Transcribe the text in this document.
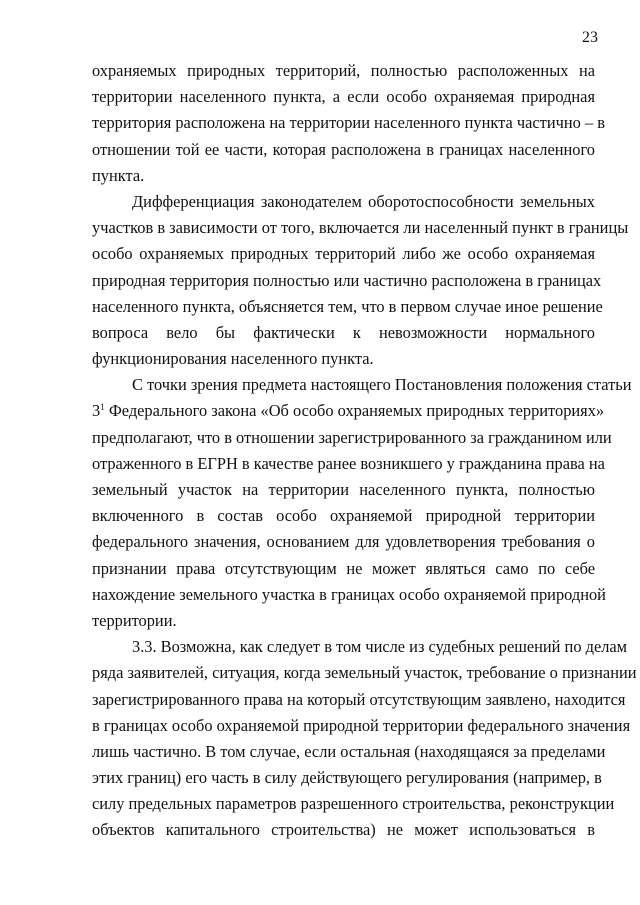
23
охраняемых природных территорий, полностью расположенных на
территории населенного пункта, а если особо охраняемая природная
территория расположена на территории населенного пункта частично – в
отношении той ее части, которая расположена в границах населенного
пункта.
Дифференциация законодателем оборотоспособности земельных
участков в зависимости от того, включается ли населенный пункт в границы
особо охраняемых природных территорий либо же особо охраняемая
природная территория полностью или частично расположена в границах
населенного пункта, объясняется тем, что в первом случае иное решение
вопроса вело бы фактически к невозможности нормального
функционирования населенного пункта.
С точки зрения предмета настоящего Постановления положения статьи
$3^1$ Федерального закона «Об особо охраняемых природных территориях»
предполагают, что в отношении зарегистрированного за гражданином или
отраженного в ЕГРН в качестве ранее возникшего у гражданина права на
земельный участок на территории населенного пункта, полностью
включенного в состав особо охраняемой природной территории
федерального значения, основанием для удовлетворения требования о
признании права отсутствующим не может являться само по себе
нахождение земельного участка в границах особо охраняемой природной
территории.
3.3. Возможна, как следует в том числе из судебных решений по делам
ряда заявителей, ситуация, когда земельный участок, требование о признании
зарегистрированного права на который отсутствующим заявлено, находится
в границах особо охраняемой природной территории федерального значения
лишь частично. В том случае, если остальная (находящаяся за пределами
этих границ) его часть в силу действующего регулирования (например, в
силу предельных параметров разрешенного строительства, реконструкции
объектов капитального строительства) не может использоваться в
